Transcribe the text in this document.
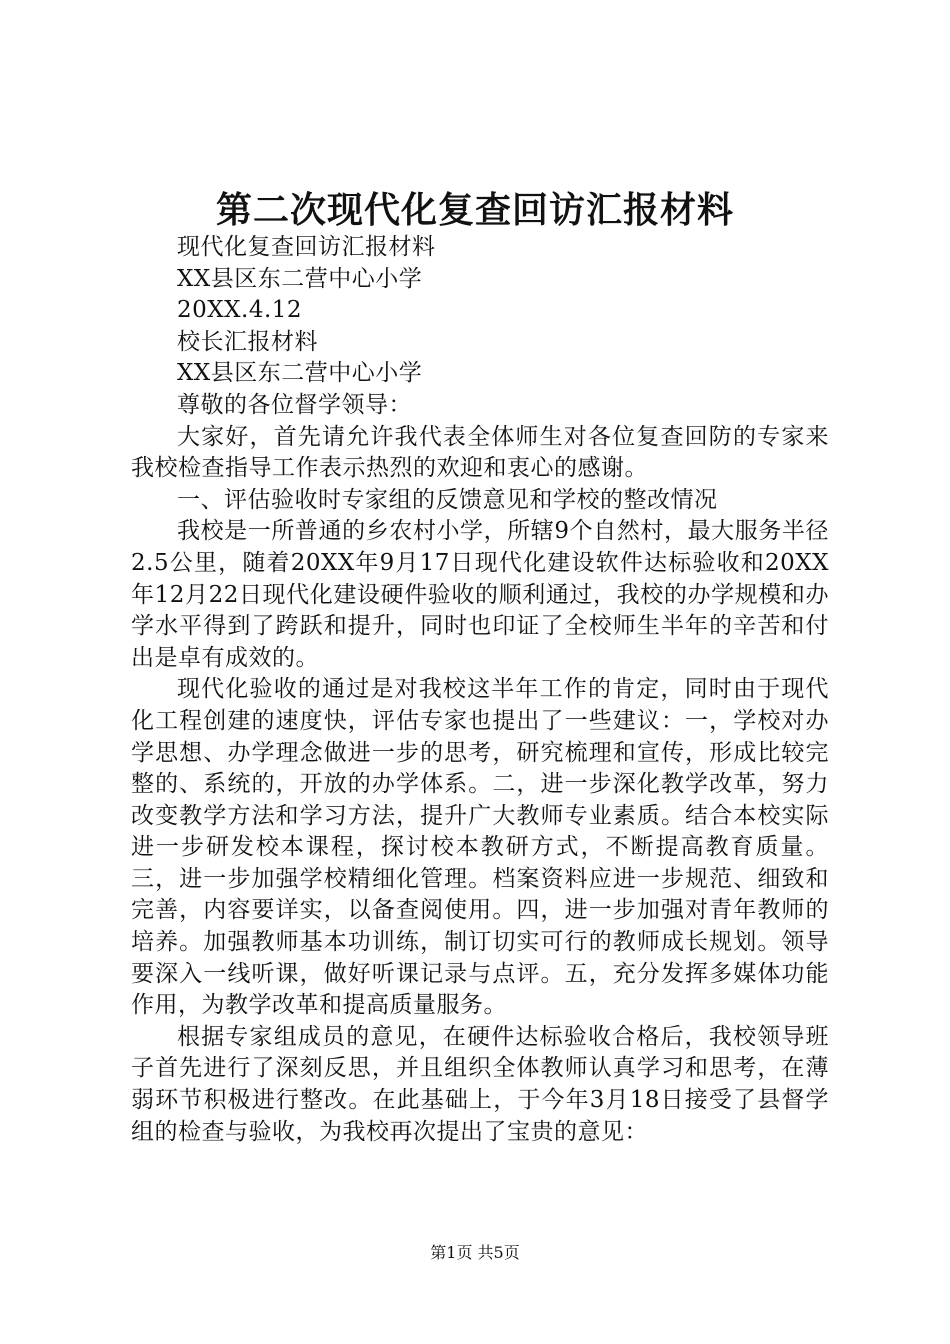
第二次现代化复查回访汇报材料

现代化复查回访汇报材料

XX县区东二营中心小学

20XX.4.12

校长汇报材料

XX县区东二营中心小学

尊敬的各位督学领导：

大家好，首先请允许我代表全体师生对各位复查回防的专家来我校检查指导工作表示热烈的欢迎和衷心的感谢。

一、评估验收时专家组的反馈意见和学校的整改情况

我校是一所普通的乡农村小学，所辖9个自然村，最大服务半径2.5公里，随着20XX年9月17日现代化建设软件达标验收和20XX年12月22日现代化建设硬件验收的顺利通过，我校的办学规模和办学水平得到了跨跃和提升，同时也印证了全校师生半年的辛苦和付出是卓有成效的。

现代化验收的通过是对我校这半年工作的肯定，同时由于现代化工程创建的速度快，评估专家也提出了一些建议：一，学校对办学思想、办学理念做进一步的思考，研究梳理和宣传，形成比较完整的、系统的，开放的办学体系。二，进一步深化教学改革，努力改变教学方法和学习方法，提升广大教师专业素质。结合本校实际进一步研发校本课程，探讨校本教研方式，不断提高教育质量。三，进一步加强学校精细化管理。档案资料应进一步规范、细致和完善，内容要详实，以备查阅使用。四，进一步加强对青年教师的培养。加强教师基本功训练，制订切实可行的教师成长规划。领导要深入一线听课，做好听课记录与点评。五，充分发挥多媒体功能作用，为教学改革和提高质量服务。

根据专家组成员的意见，在硬件达标验收合格后，我校领导班子首先进行了深刻反思，并且组织全体教师认真学习和思考，在薄弱环节积极进行整改。在此基础上，于今年3月18日接受了县督学组的检查与验收，为我校再次提出了宝贵的意见：

第1页 共5页
